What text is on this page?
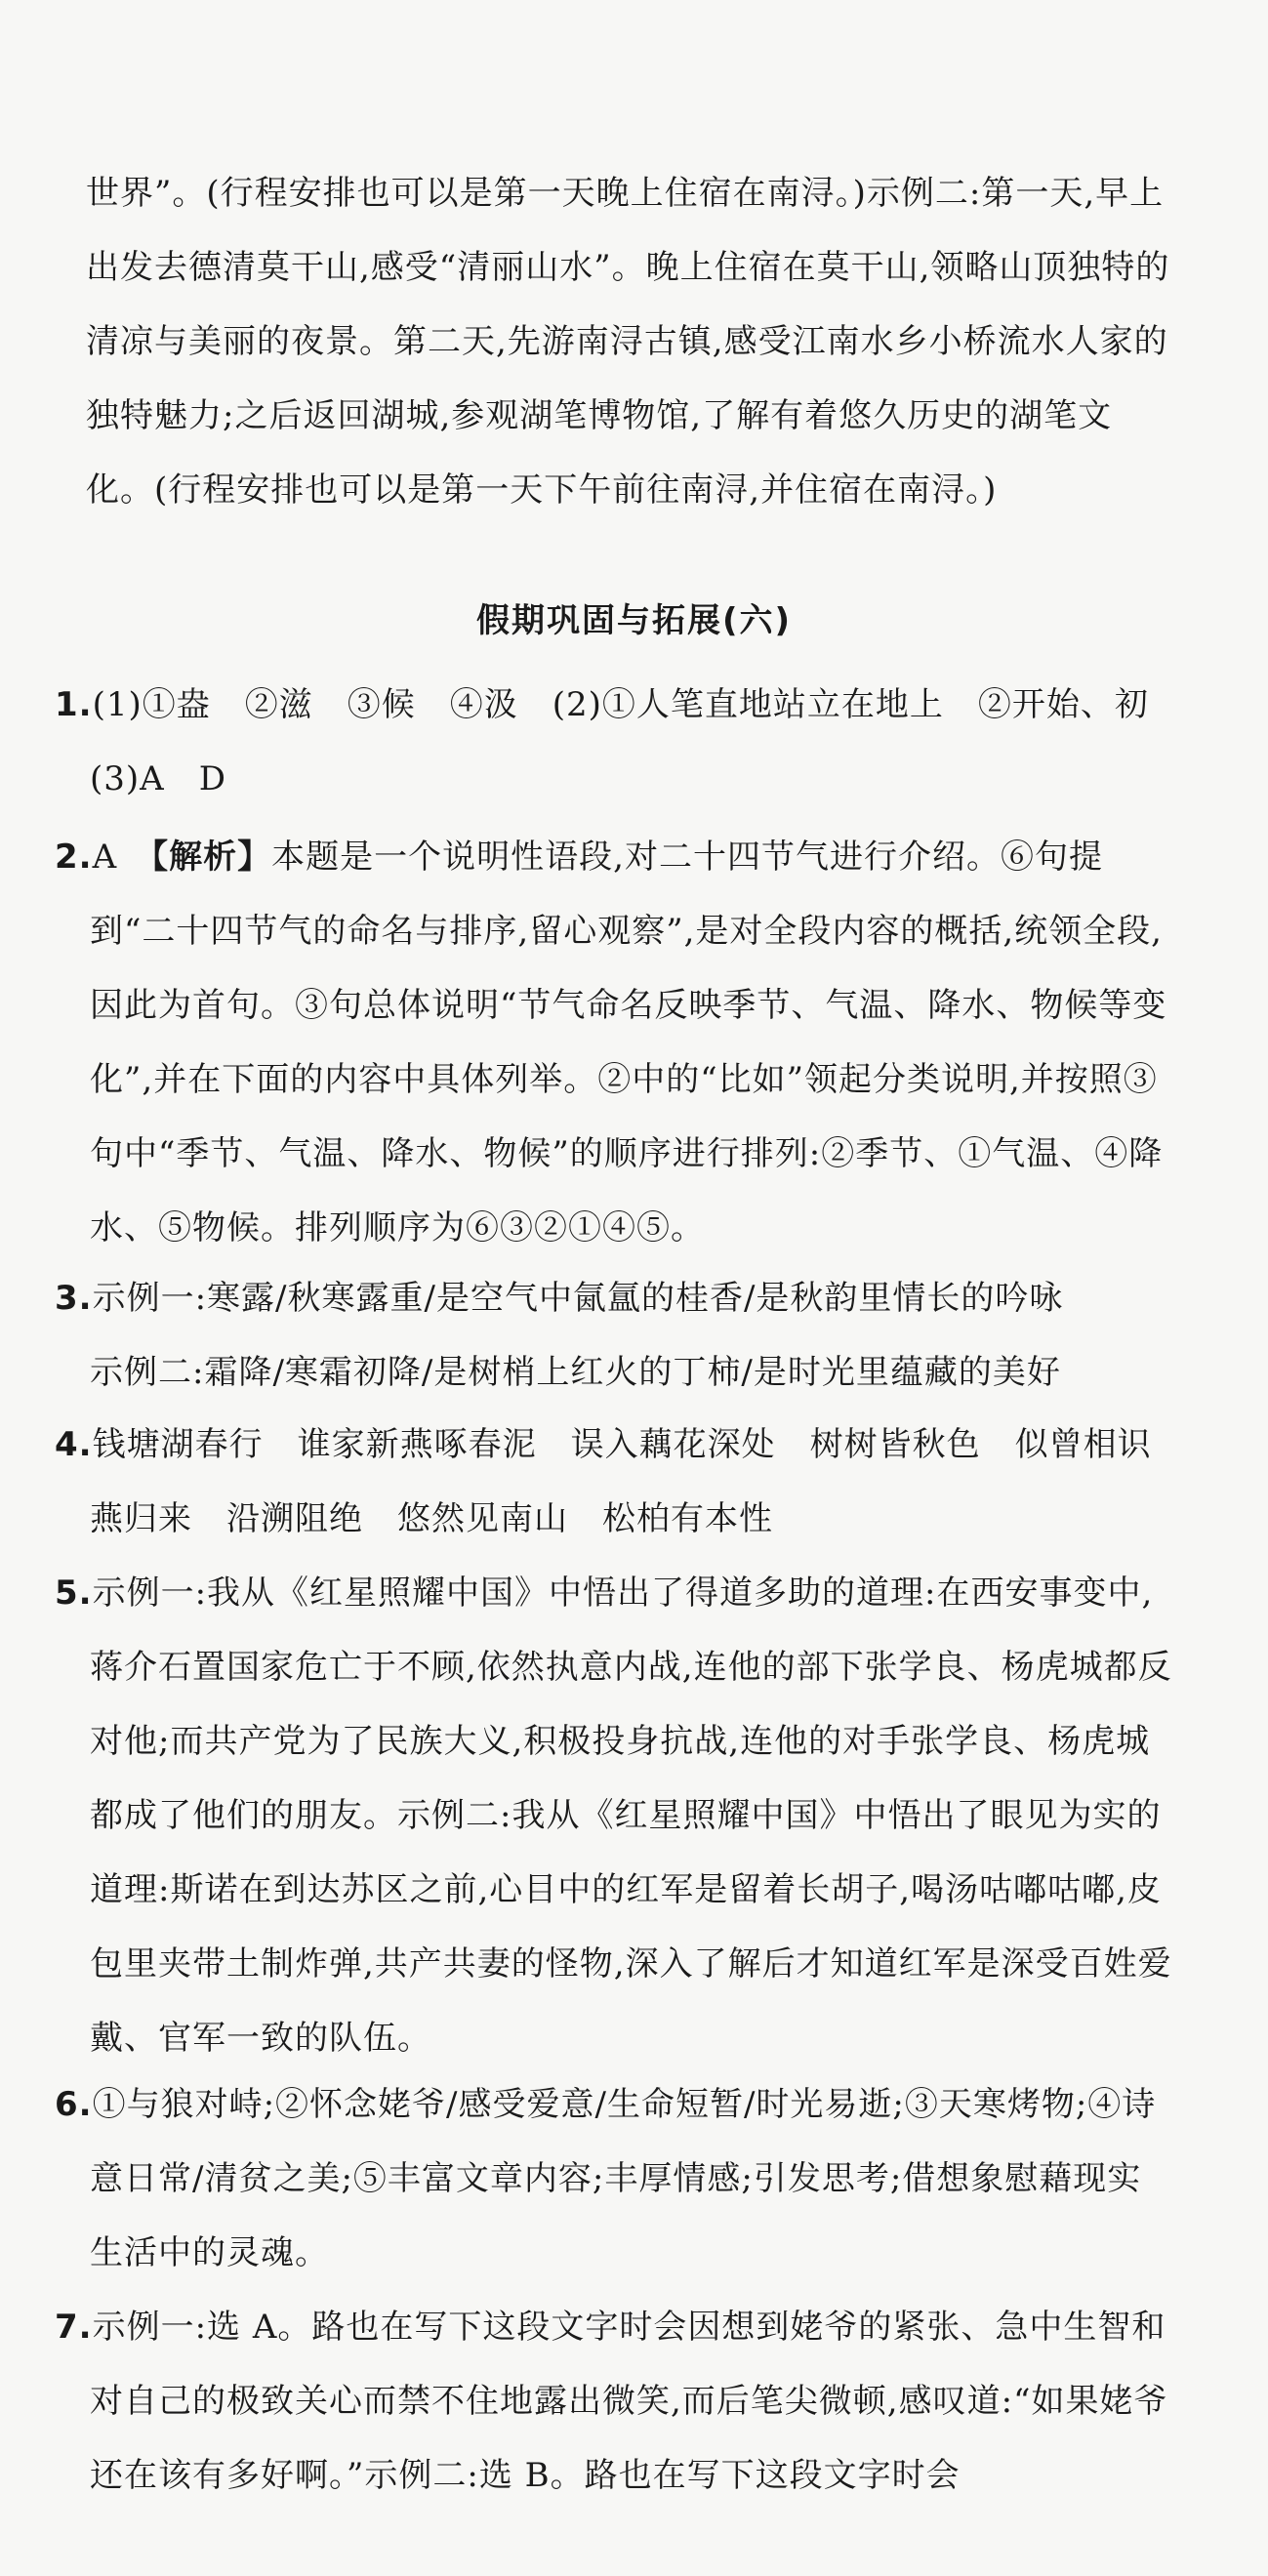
世界”。(行程安排也可以是第一天晚上住宿在南浔。)示例二:第一天,早上出发去德清莫干山,感受“清丽山水”。晚上住宿在莫干山,领略山顶独特的清凉与美丽的夜景。第二天,先游南浔古镇,感受江南水乡小桥流水人家的独特魅力;之后返回湖城,参观湖笔博物馆,了解有着悠久历史的湖笔文化。(行程安排也可以是第一天下午前往南浔,并住宿在南浔。)
假期巩固与拓展(六)
1.(1)①盎　②滋　③候　④汲　(2)①人笔直地站立在地上　②开始、初　(3)A　D
2.A　【解析】本题是一个说明性语段,对二十四节气进行介绍。⑥句提到“二十四节气的命名与排序,留心观察”,是对全段内容的概括,统领全段,因此为首句。③句总体说明“节气命名反映季节、气温、降水、物候等变化”,并在下面的内容中具体列举。②中的“比如”领起分类说明,并按照③句中“季节、气温、降水、物候”的顺序进行排列:②季节、①气温、④降水、⑤物候。排列顺序为⑥③②①④⑤。
3.示例一:寒露/秋寒露重/是空气中氤氲的桂香/是秋韵里情长的吟咏
示例二:霜降/寒霜初降/是树梢上红火的丁柿/是时光里蕴藏的美好
4.钱塘湖春行　谁家新燕啄春泥　误入藕花深处　树树皆秋色　似曾相识燕归来　沿溯阻绝　悠然见南山　松柏有本性
5.示例一:我从《红星照耀中国》中悟出了得道多助的道理:在西安事变中,蒋介石置国家危亡于不顾,依然执意内战,连他的部下张学良、杨虎城都反对他;而共产党为了民族大义,积极投身抗战,连他的对手张学良、杨虎城都成了他们的朋友。示例二:我从《红星照耀中国》中悟出了眼见为实的道理:斯诺在到达苏区之前,心目中的红军是留着长胡子,喝汤咕嘟咕嘟,皮包里夹带土制炸弹,共产共妻的怪物,深入了解后才知道红军是深受百姓爱戴、官军一致的队伍。
6.①与狼对峙;②怀念姥爷/感受爱意/生命短暂/时光易逝;③天寒烤物;④诗意日常/清贫之美;⑤丰富文章内容;丰厚情感;引发思考;借想象慰藉现实生活中的灵魂。
7.示例一:选 A。路也在写下这段文字时会因想到姥爷的紧张、急中生智和对自己的极致关心而禁不住地露出微笑,而后笔尖微顿,感叹道:“如果姥爷还在该有多好啊。”示例二:选 B。路也在写下这段文字时会
